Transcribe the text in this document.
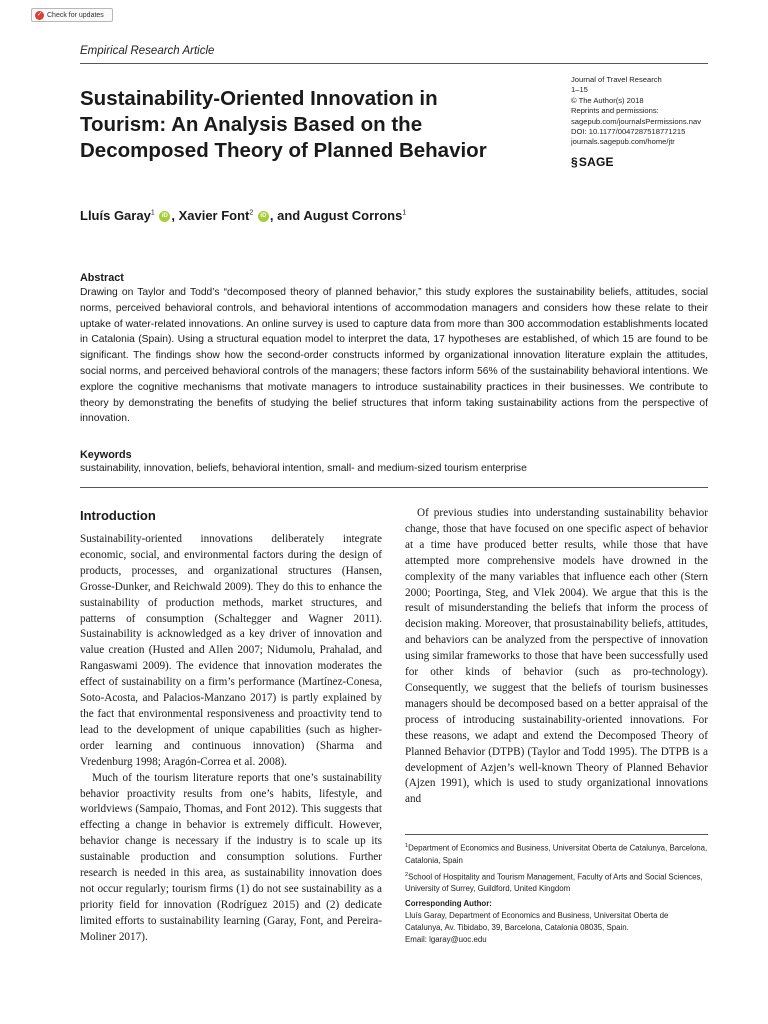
✓ Check for updates
Empirical Research Article
Sustainability-Oriented Innovation in
Tourism: An Analysis Based on the
Decomposed Theory of Planned Behavior
Journal of Travel Research
1–15
© The Author(s) 2018
Reprints and permissions:
sagepub.com/journalsPermissions.nav
DOI: 10.1177/0047287518771215
journals.sagepub.com/home/jtr
§ SAGE
Lluís Garay$^1$ iD , Xavier Font$^2$ iD , and August Corrons$^1$

Abstract

Drawing on Taylor and Todd’s “decomposed theory of planned behavior,” this study explores the sustainability beliefs, attitudes, social norms, perceived behavioral controls, and behavioral intentions of accommodation managers and considers how these relate to their uptake of water-related innovations. An online survey is used to capture data from more than 300 accommodation establishments located in Catalonia (Spain). Using a structural equation model to interpret the data, 17 hypotheses are established, of which 15 are found to be significant. The findings show how the second-order constructs informed by organizational innovation literature explain the attitudes, social norms, and perceived behavioral controls of the managers; these factors inform 56% of the sustainability behavioral intentions. We explore the cognitive mechanisms that motivate managers to introduce sustainability practices in their businesses. We contribute to theory by demonstrating the benefits of studying the belief structures that inform taking sustainability actions from the perspective of innovation.

Keywords

sustainability, innovation, beliefs, behavioral intention, small- and medium-sized tourism enterprise

Introduction

Sustainability-oriented innovations deliberately integrate economic, social, and environmental factors during the design of products, processes, and organizational structures (Hansen, Grosse-Dunker, and Reichwald 2009). They do this to enhance the sustainability of production methods, market structures, and patterns of consumption (Schaltegger and Wagner 2011). Sustainability is acknowledged as a key driver of innovation and value creation (Husted and Allen 2007; Nidumolu, Prahalad, and Rangaswami 2009). The evidence that innovation moderates the effect of sustainability on a firm’s performance (Martínez-Conesa, Soto-Acosta, and Palacios-Manzano 2017) is partly explained by the fact that environmental responsiveness and proactivity tend to lead to the development of unique capabilities (such as higher-order learning and continuous innovation) (Sharma and Vredenburg 1998; Aragón-Correa et al. 2008).

Much of the tourism literature reports that one’s sustainability behavior proactivity results from one’s habits, lifestyle, and worldviews (Sampaio, Thomas, and Font 2012). This suggests that effecting a change in behavior is extremely difficult. However, behavior change is necessary if the industry is to scale up its sustainable production and consumption solutions. Further research is needed in this area, as sustainability innovation does not occur regularly; tourism firms (1) do not see sustainability as a priority field for innovation (Rodríguez 2015) and (2) dedicate limited efforts to sustainability learning (Garay, Font, and Pereira-Moliner 2017).

Of previous studies into understanding sustainability behavior change, those that have focused on one specific aspect of behavior at a time have produced better results, while those that have attempted more comprehensive models have drowned in the complexity of the many variables that influence each other (Stern 2000; Poortinga, Steg, and Vlek 2004). We argue that this is the result of misunderstanding the beliefs that inform the process of decision making. Moreover, that prosustainability beliefs, attitudes, and behaviors can be analyzed from the perspective of innovation using similar frameworks to those that have been successfully used for other kinds of behavior (such as pro-technology). Consequently, we suggest that the beliefs of tourism businesses managers should be decomposed based on a better appraisal of the process of introducing sustainability-oriented innovations. For these reasons, we adapt and extend the Decomposed Theory of Planned Behavior (DTPB) (Taylor and Todd 1995). The DTPB is a development of Azjen’s well-known Theory of Planned Behavior (Ajzen 1991), which is used to study organizational innovations and

$^1$Department of Economics and Business, Universitat Oberta de Catalunya, Barcelona, Catalonia, Spain

$^2$School of Hospitality and Tourism Management, Faculty of Arts and Social Sciences, University of Surrey, Guildford, United Kingdom

Corresponding Author:
Lluís Garay, Department of Economics and Business, Universitat Oberta de Catalunya, Av. Tibidabo, 39, Barcelona, Catalonia 08035, Spain.
Email: lgaray@uoc.edu
